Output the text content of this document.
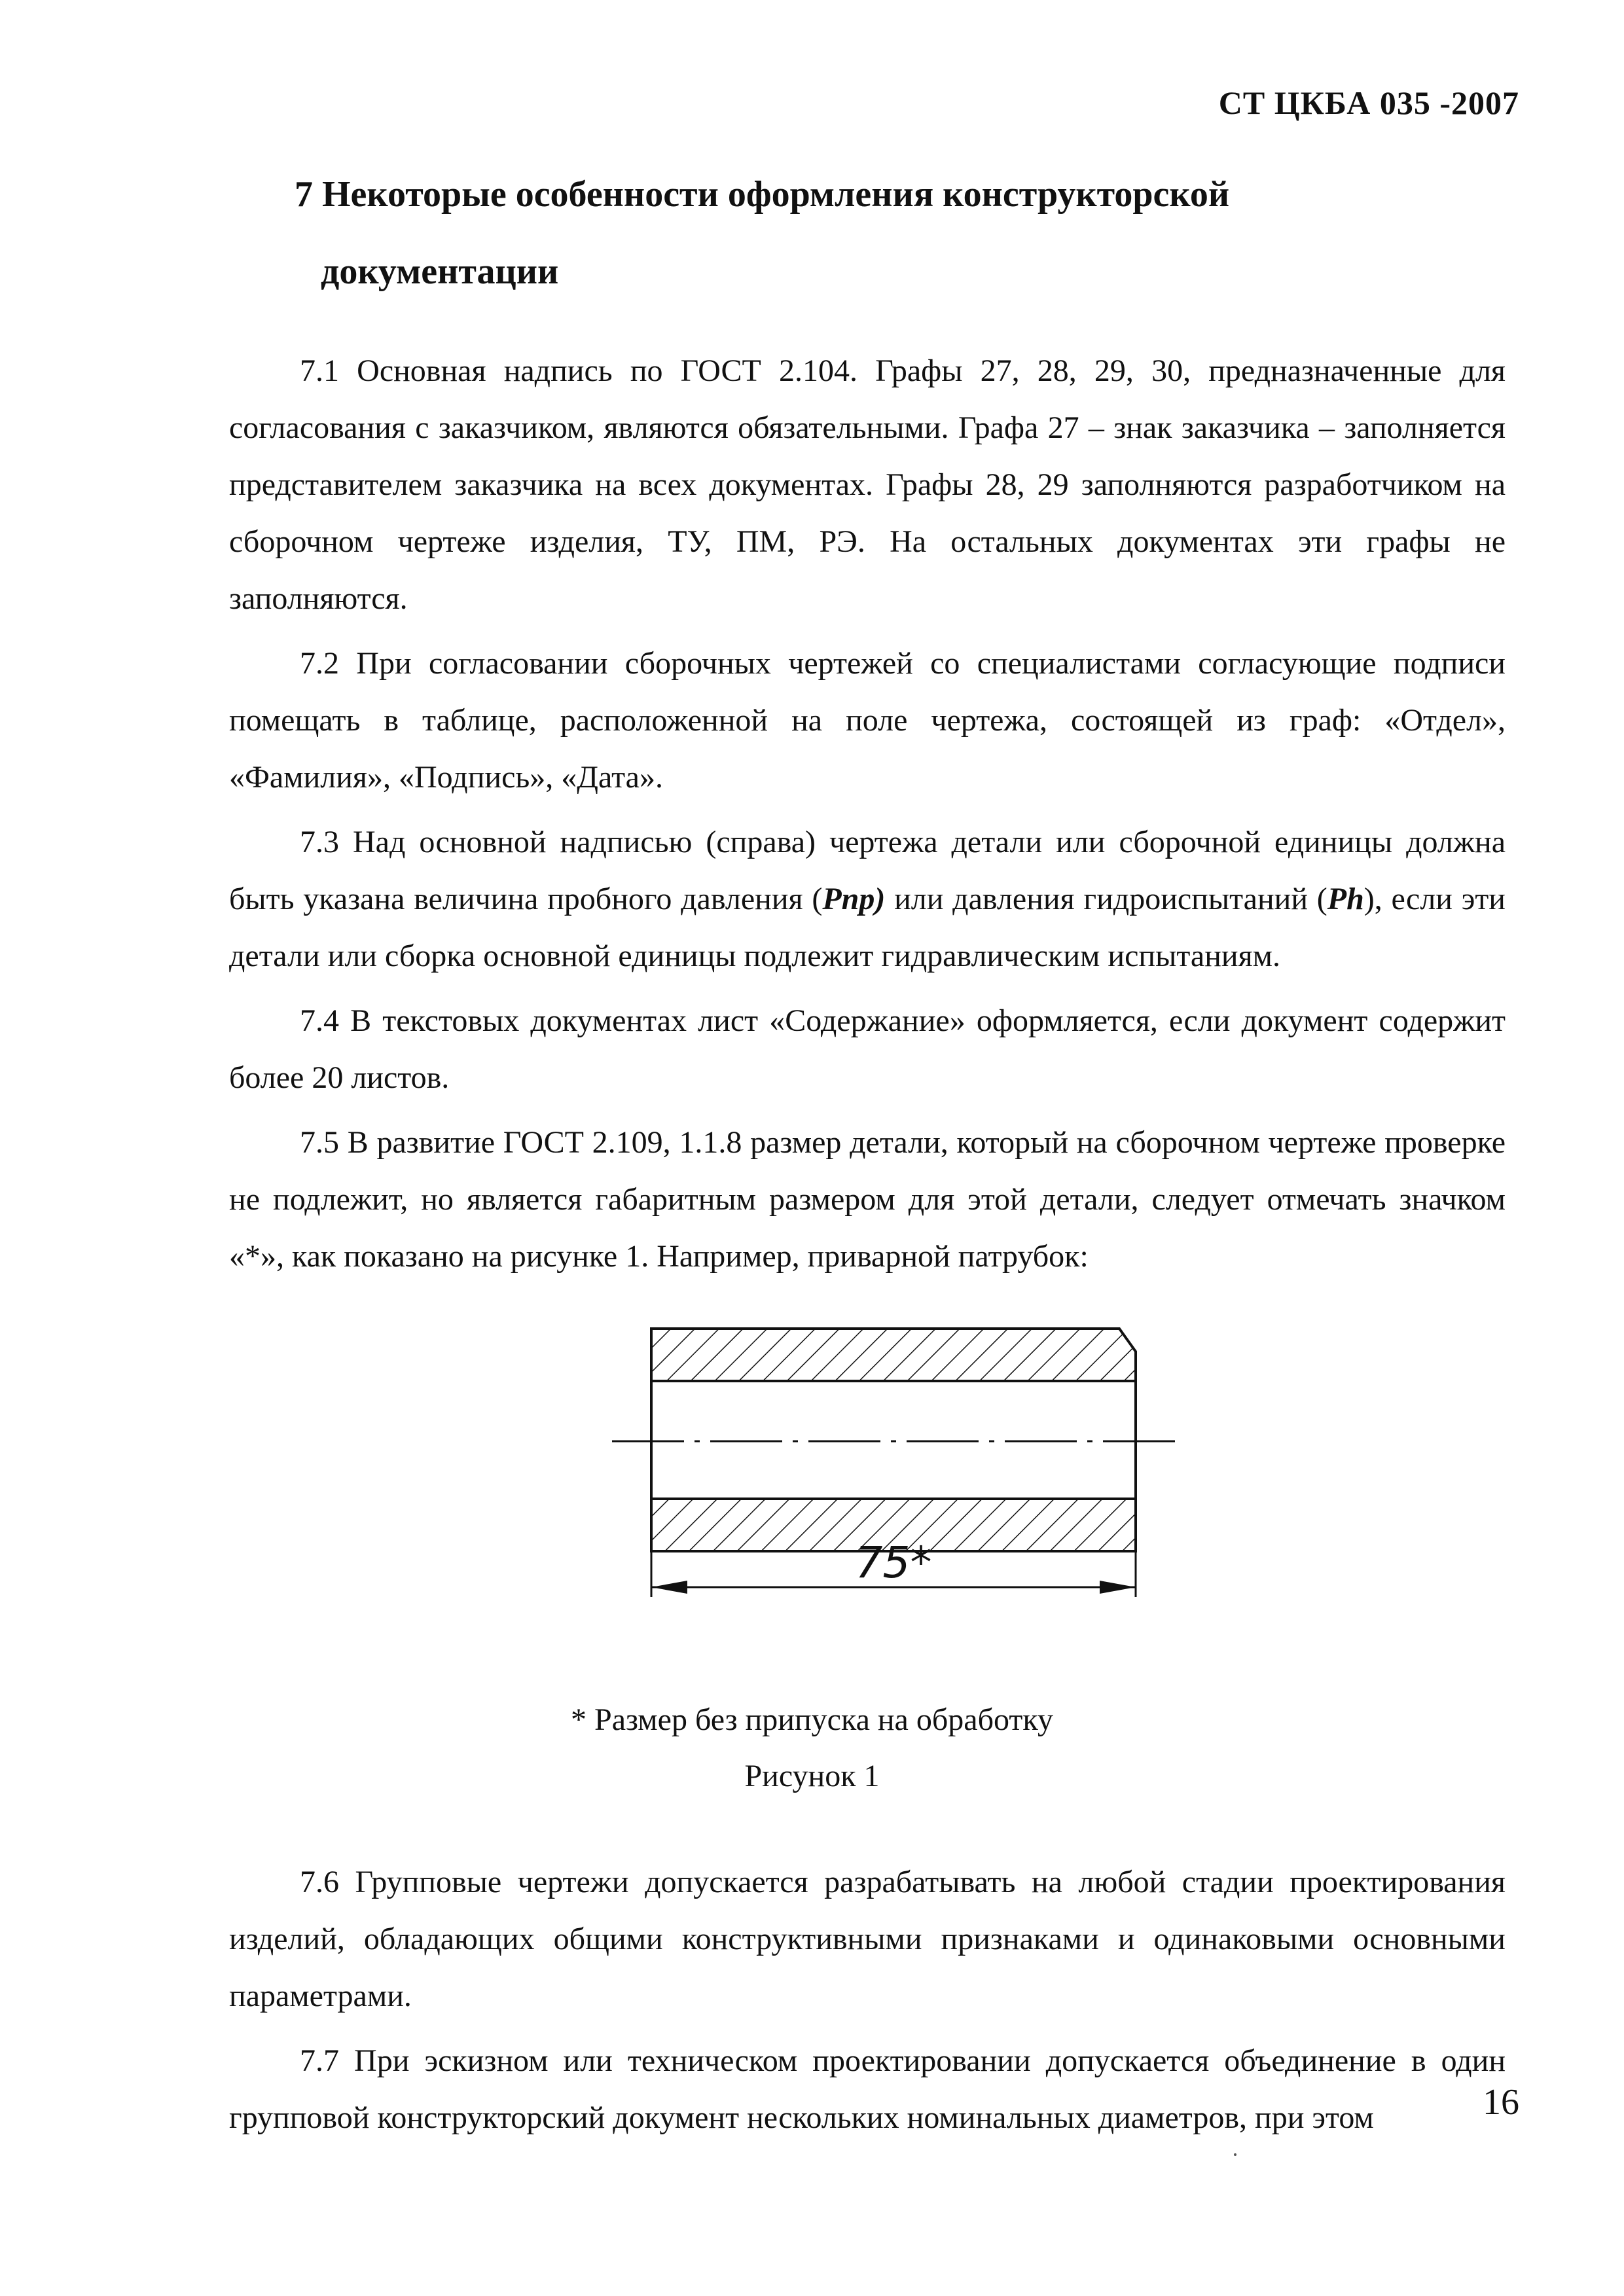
СТ ЦКБА 035 -2007
7 Некоторые особенности оформления конструкторской
документации

7.1 Основная надпись по ГОСТ 2.104. Графы 27, 28, 29, 30, предназначенные для согласования с заказчиком, являются обязательными. Графа 27 – знак заказчика – заполняется представителем заказчика на всех документах. Графы 28, 29 заполняются разработчиком на сборочном чертеже изделия, ТУ, ПМ, РЭ. На остальных документах эти графы не заполняются.

7.2 При согласовании сборочных чертежей со специалистами согласующие подписи помещать в таблице, расположенной на поле чертежа, состоящей из граф: «Отдел», «Фамилия», «Подпись», «Дата».

7.3 Над основной надписью (справа) чертежа детали или сборочной единицы должна быть указана величина пробного давления (Pnp) или давления гидроиспытаний (Ph), если эти детали или сборка основной единицы подлежит гидравлическим испытаниям.

7.4 В текстовых документах лист «Содержание» оформляется, если документ содержит более 20 листов.

7.5 В развитие ГОСТ 2.109, 1.1.8 размер детали, который на сборочном чертеже проверке не подлежит, но является габаритным размером для этой детали, следует отмечать значком «*», как показано на рисунке 1. Например, приварной патрубок:

75*
* Размер без припуска на обработку
Рисунок 1

7.6 Групповые чертежи допускается разрабатывать на любой стадии проектирования изделий, обладающих общими конструктивными признаками и одинаковыми основными параметрами.

7.7 При эскизном или техническом проектировании допускается объединение в один групповой конструкторский документ нескольких номинальных диаметров, при этом	16
